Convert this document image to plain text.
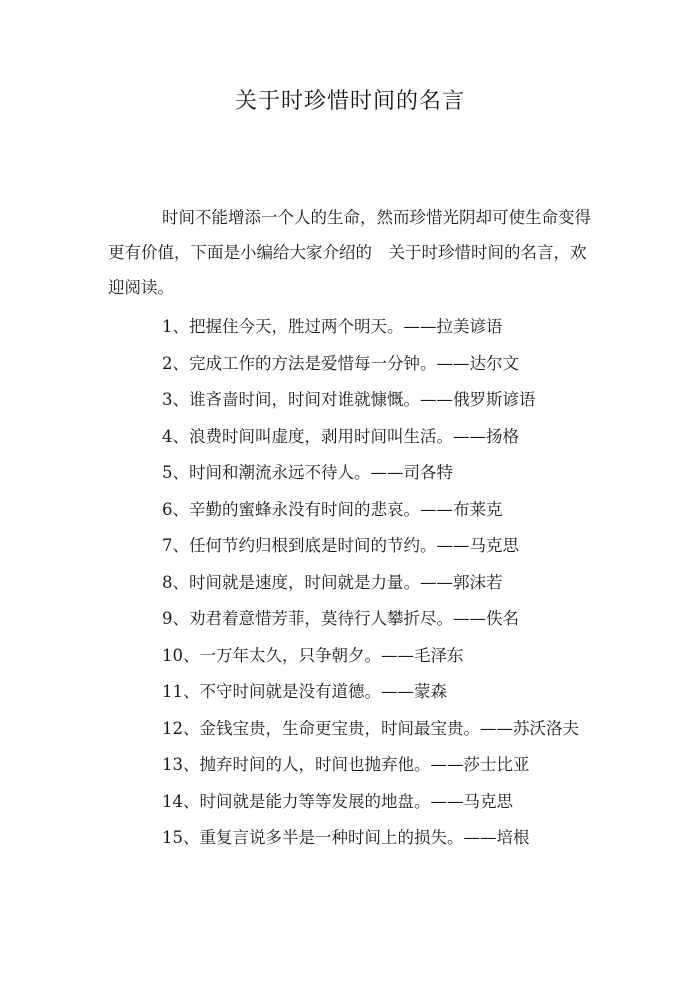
关于时珍惜时间的名言
时间不能增添一个人的生命，然而珍惜光阴却可使生命变得更有价值，下面是小编给大家介绍的　关于时珍惜时间的名言，欢迎阅读。
1、把握住今天，胜过两个明天。——拉美谚语
2、完成工作的方法是爱惜每一分钟。——达尔文
3、谁吝啬时间，时间对谁就慷慨。——俄罗斯谚语
4、浪费时间叫虚度，剥用时间叫生活。——扬格
5、时间和潮流永远不待人。——司各特
6、辛勤的蜜蜂永没有时间的悲哀。——布莱克
7、任何节约归根到底是时间的节约。——马克思
8、时间就是速度，时间就是力量。——郭沫若
9、劝君着意惜芳菲，莫待行人攀折尽。——佚名
10、一万年太久，只争朝夕。——毛泽东
11、不守时间就是没有道德。——蒙森
12、金钱宝贵，生命更宝贵，时间最宝贵。——苏沃洛夫
13、抛弃时间的人，时间也抛弃他。——莎士比亚
14、时间就是能力等等发展的地盘。——马克思
15、重复言说多半是一种时间上的损失。——培根
